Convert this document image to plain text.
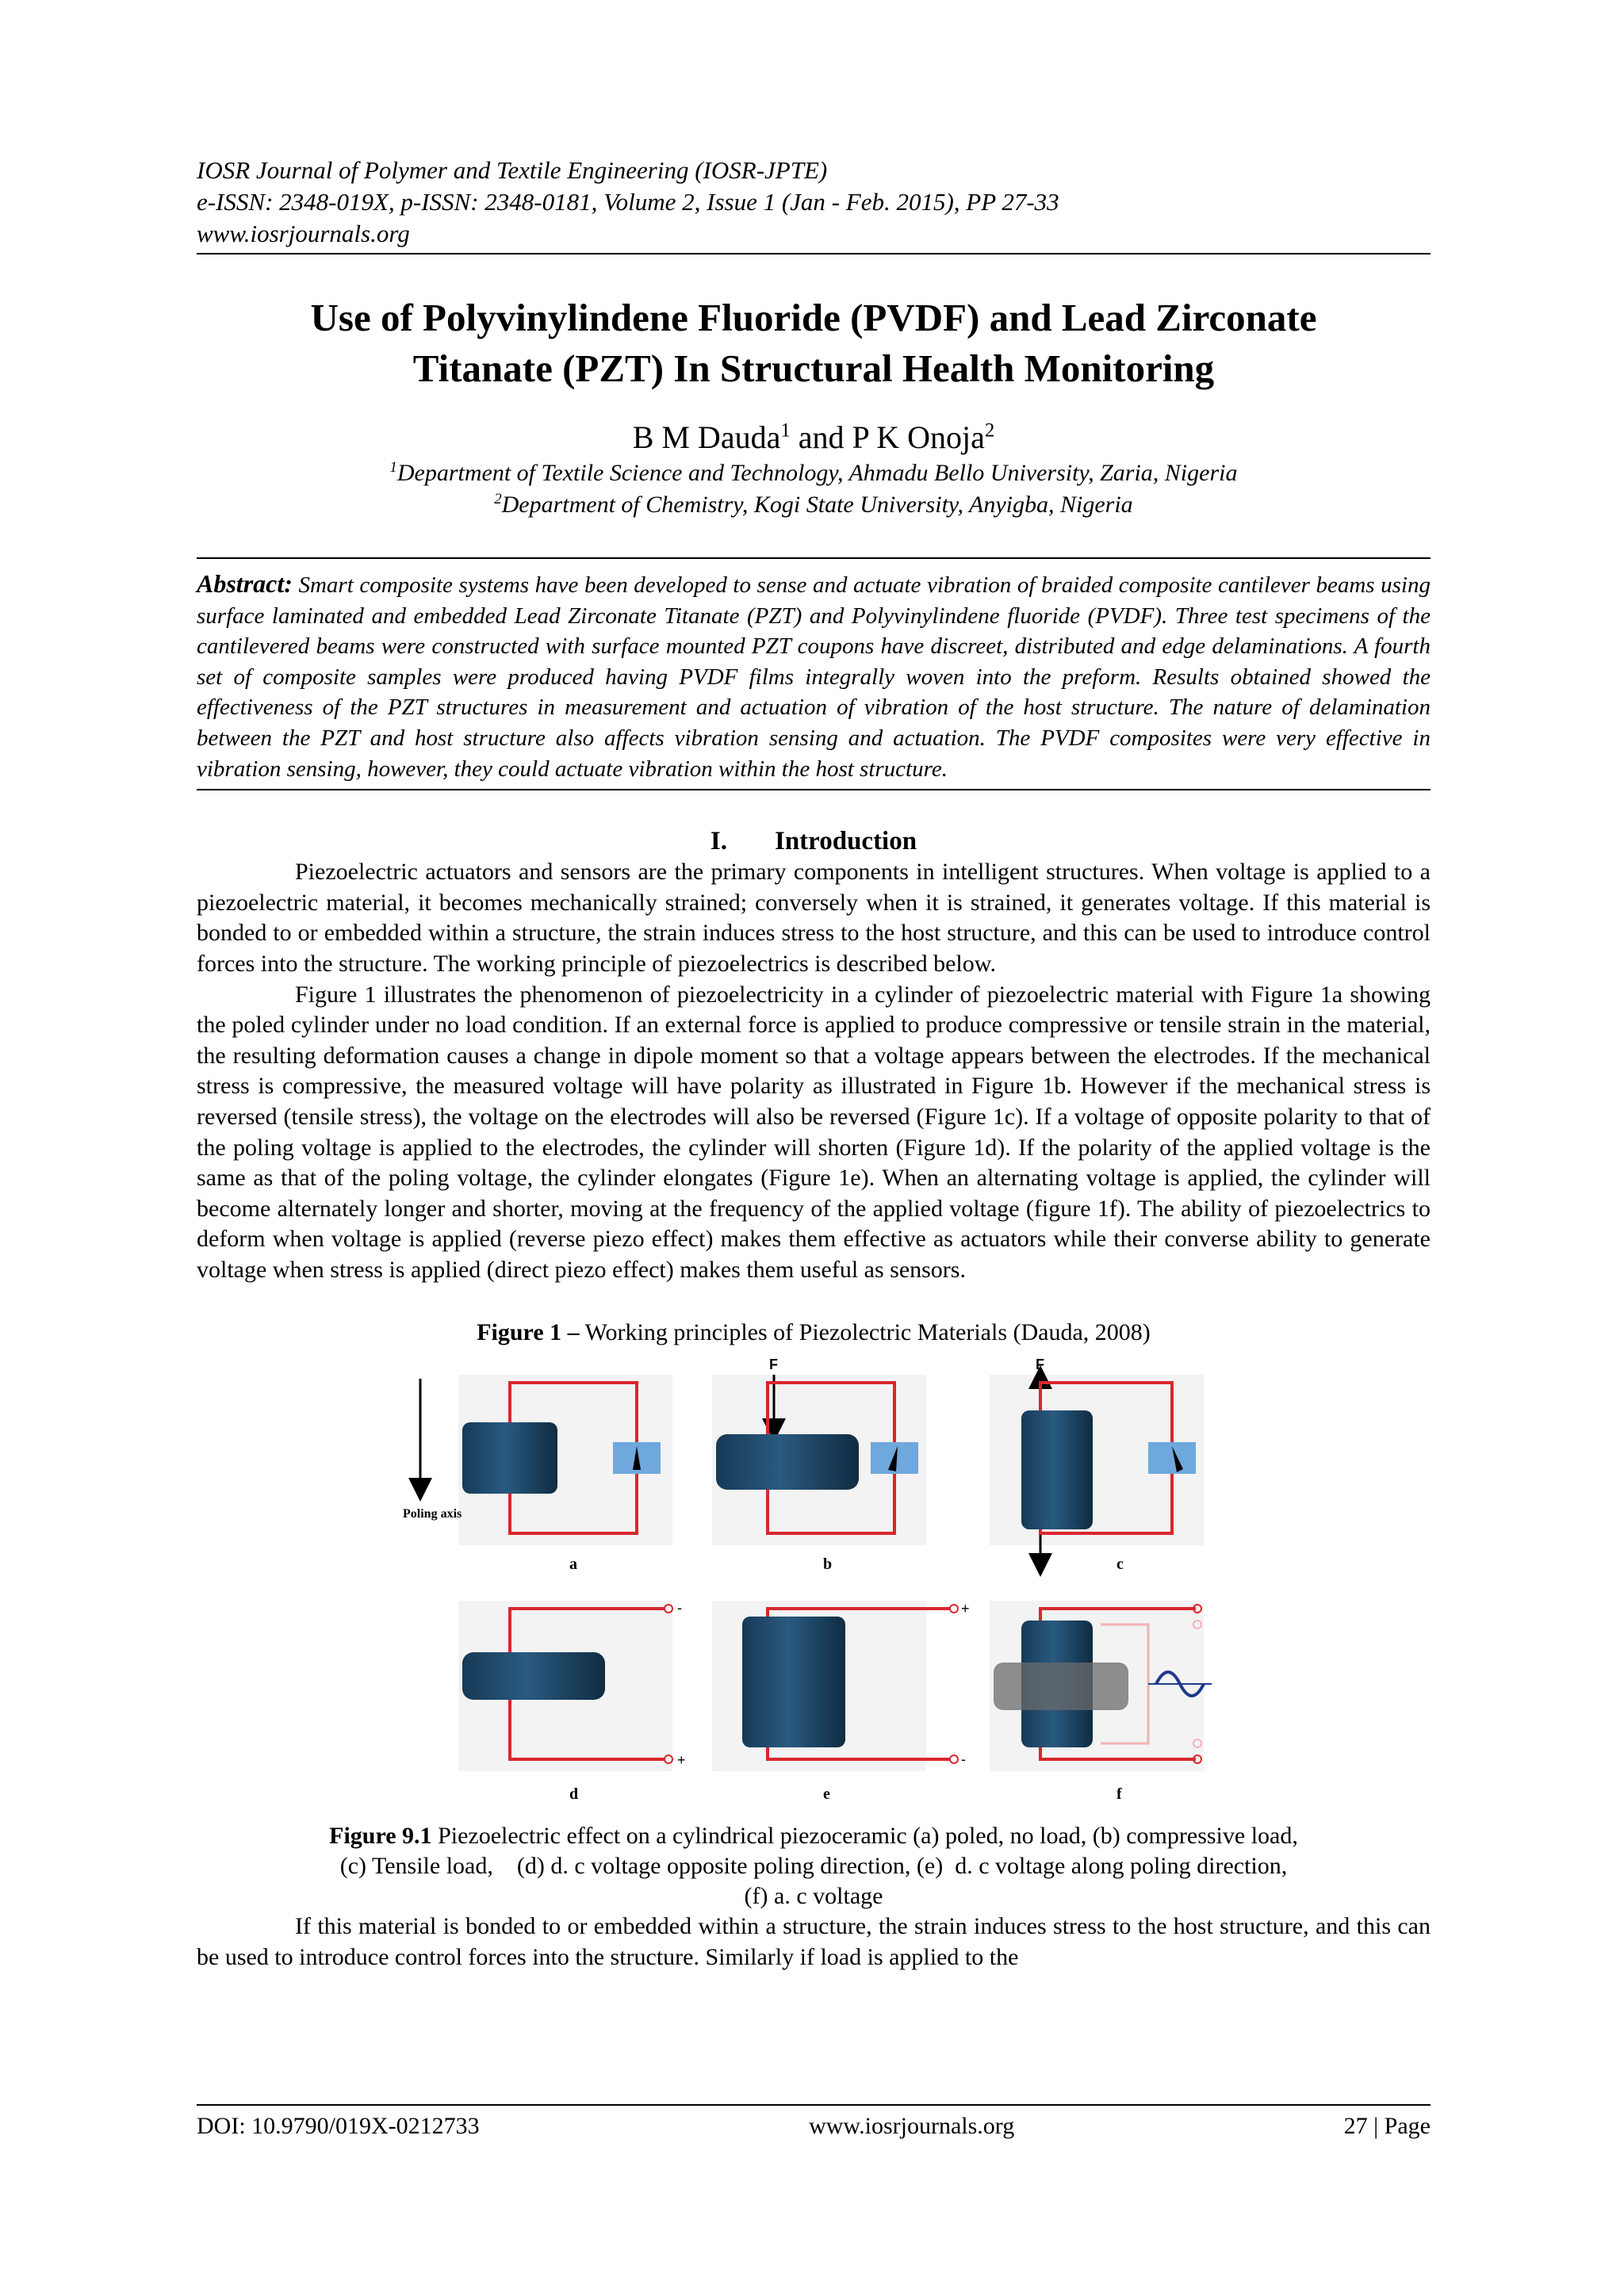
IOSR Journal of Polymer and Textile Engineering (IOSR-JPTE)
e-ISSN: 2348-019X, p-ISSN: 2348-0181, Volume 2, Issue 1 (Jan - Feb. 2015), PP 27-33
www.iosrjournals.org
Use of Polyvinylindene Fluoride (PVDF) and Lead Zirconate
Titanate (PZT) In Structural Health Monitoring
B M Dauda$^1$ and P K Onoja$^2$
$^1$Department of Textile Science and Technology, Ahmadu Bello University, Zaria, Nigeria
$^2$Department of Chemistry, Kogi State University, Anyigba, Nigeria

Abstract: Smart composite systems have been developed to sense and actuate vibration of braided composite cantilever beams using surface laminated and embedded Lead Zirconate Titanate (PZT) and Polyvinylindene fluoride (PVDF). Three test specimens of the cantilevered beams were constructed with surface mounted PZT coupons have discreet, distributed and edge delaminations. A fourth set of composite samples were produced having PVDF films integrally woven into the preform. Results obtained showed the effectiveness of the PZT structures in measurement and actuation of vibration of the host structure. The nature of delamination between the PZT and host structure also affects vibration sensing and actuation. The PVDF composites were very effective in vibration sensing, however, they could actuate vibration within the host structure.

I. Introduction

Piezoelectric actuators and sensors are the primary components in intelligent structures. When voltage is applied to a piezoelectric material, it becomes mechanically strained; conversely when it is strained, it generates voltage. If this material is bonded to or embedded within a structure, the strain induces stress to the host structure, and this can be used to introduce control forces into the structure. The working principle of piezoelectrics is described below.

Figure 1 illustrates the phenomenon of piezoelectricity in a cylinder of piezoelectric material with Figure 1a showing the poled cylinder under no load condition. If an external force is applied to produce compressive or tensile strain in the material, the resulting deformation causes a change in dipole moment so that a voltage appears between the electrodes. If the mechanical stress is compressive, the measured voltage will have polarity as illustrated in Figure 1b. However if the mechanical stress is reversed (tensile stress), the voltage on the electrodes will also be reversed (Figure 1c). If a voltage of opposite polarity to that of the poling voltage is applied to the electrodes, the cylinder will shorten (Figure 1d). If the polarity of the applied voltage is the same as that of the poling voltage, the cylinder elongates (Figure 1e). When an alternating voltage is applied, the cylinder will become alternately longer and shorter, moving at the frequency of the applied voltage (figure 1f). The ability of piezoelectrics to deform when voltage is applied (reverse piezo effect) makes them effective as actuators while their converse ability to generate voltage when stress is applied (direct piezo effect) makes them useful as sensors.

Figure 1 – Working principles of Piezolectric Materials (Dauda, 2008)
Poling axis
a
F
b
F
c
-
+
d
+
-
e	f
Figure 9.1 Piezoelectric effect on a cylindrical piezoceramic (a) poled, no load, (b) compressive load,
(c) Tensile load,    (d) d. c voltage opposite poling direction, (e)  d. c voltage along poling direction,
(f) a. c voltage

If this material is bonded to or embedded within a structure, the strain induces stress to the host structure, and this can be used to introduce control forces into the structure. Similarly if load is applied to the

DOI: 10.9790/019X-0212733	www.iosrjournals.org	27 | Page
